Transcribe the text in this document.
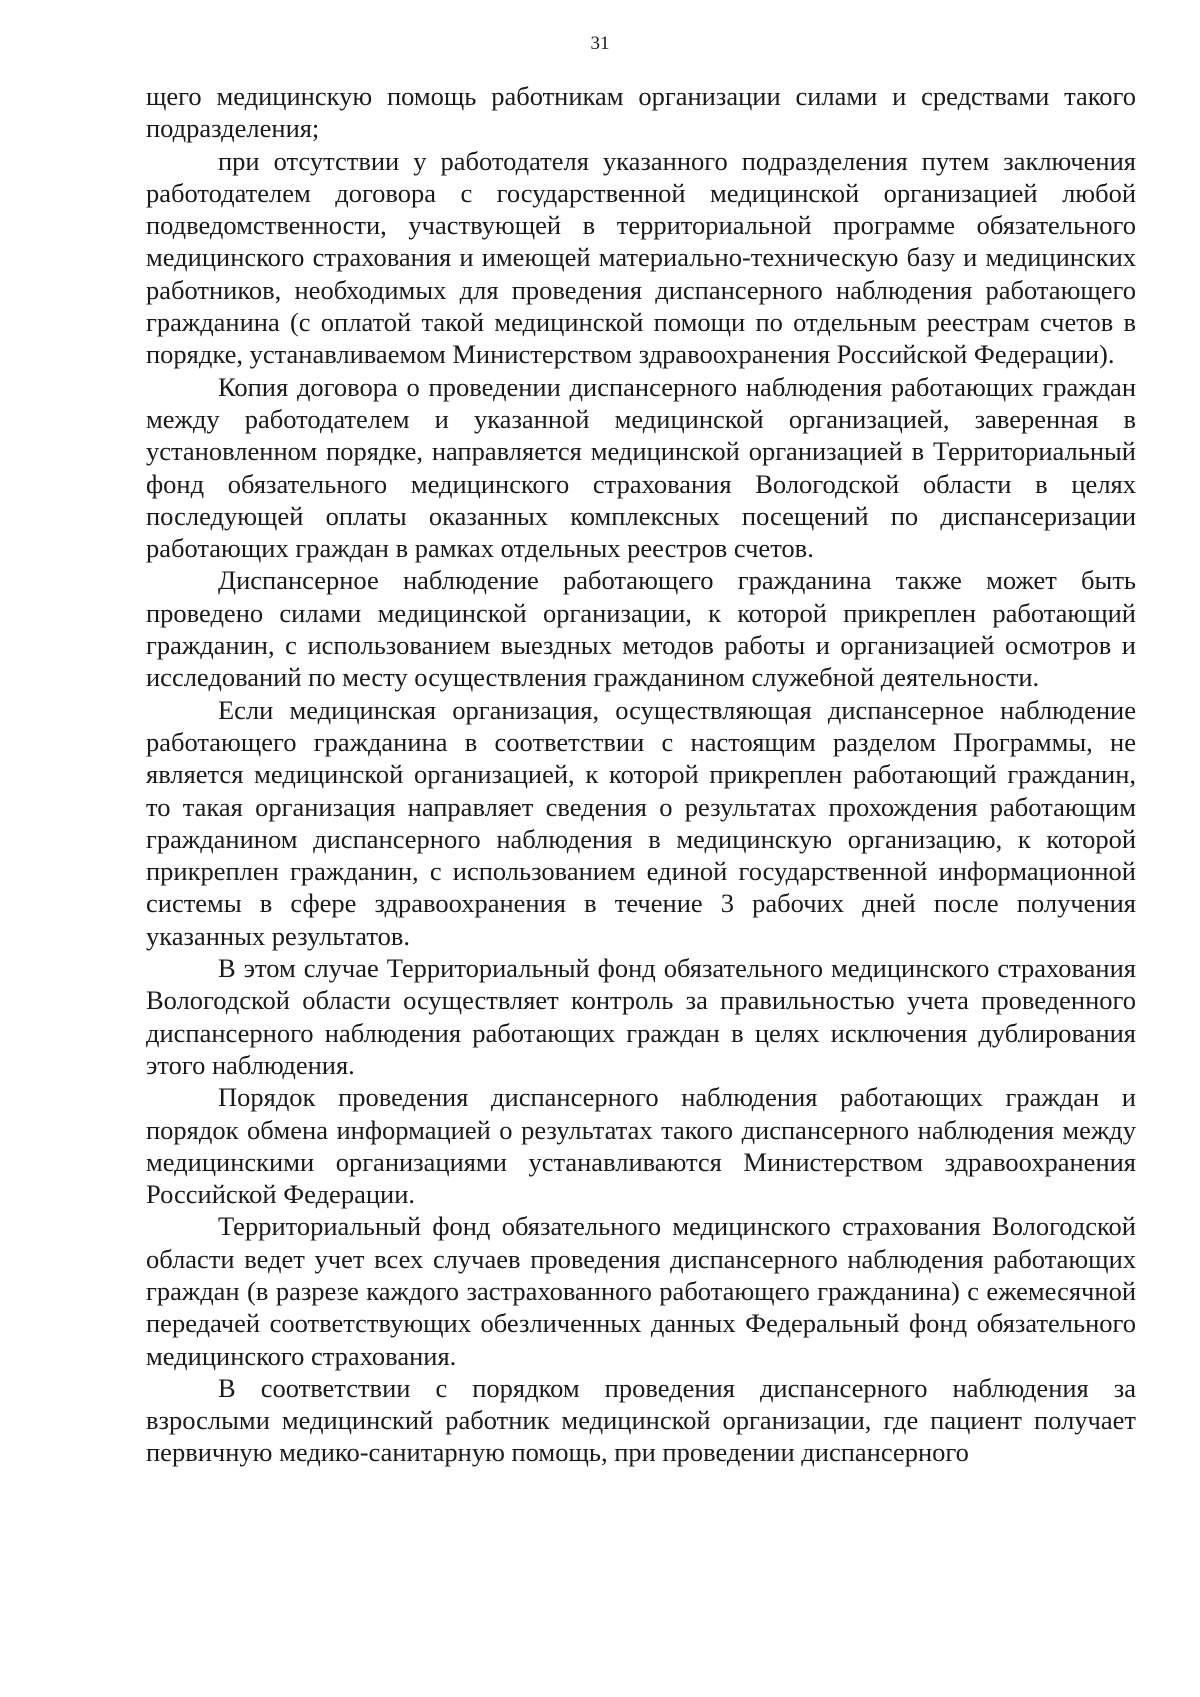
31

щего медицинскую помощь работникам организации силами и средствами такого подразделения;

при отсутствии у работодателя указанного подразделения путем заключения работодателем договора с государственной медицинской организацией любой подведомственности, участвующей в территориальной программе обязательного медицинского страхования и имеющей материально-техническую базу и медицинских работников, необходимых для проведения диспансерного наблюдения работающего гражданина (с оплатой такой медицинской помощи по отдельным реестрам счетов в порядке, устанавливаемом Министерством здравоохранения Российской Федерации).

Копия договора о проведении диспансерного наблюдения работающих граждан между работодателем и указанной медицинской организацией, заверенная в установленном порядке, направляется медицинской организацией в Территориальный фонд обязательного медицинского страхования Вологодской области в целях последующей оплаты оказанных комплексных посещений по диспансеризации работающих граждан в рамках отдельных реестров счетов.

Диспансерное наблюдение работающего гражданина также может быть проведено силами медицинской организации, к которой прикреплен работающий гражданин, с использованием выездных методов работы и организацией осмотров и исследований по месту осуществления гражданином служебной деятельности.

Если медицинская организация, осуществляющая диспансерное наблюдение работающего гражданина в соответствии с настоящим разделом Программы, не является медицинской организацией, к которой прикреплен работающий гражданин, то такая организация направляет сведения о результатах прохождения работающим гражданином диспансерного наблюдения в медицинскую организацию, к которой прикреплен гражданин, с использованием единой государственной информационной системы в сфере здравоохранения в течение 3 рабочих дней после получения указанных результатов.

В этом случае Территориальный фонд обязательного медицинского страхования Вологодской области осуществляет контроль за правильностью учета проведенного диспансерного наблюдения работающих граждан в целях исключения дублирования этого наблюдения.

Порядок проведения диспансерного наблюдения работающих граждан и порядок обмена информацией о результатах такого диспансерного наблюдения между медицинскими организациями устанавливаются Министерством здравоохранения Российской Федерации.

Территориальный фонд обязательного медицинского страхования Вологодской области ведет учет всех случаев проведения диспансерного наблюдения работающих граждан (в разрезе каждого застрахованного работающего гражданина) с ежемесячной передачей соответствующих обезличенных данных Федеральный фонд обязательного медицинского страхования.

В соответствии с порядком проведения диспансерного наблюдения за взрослыми медицинский работник медицинской организации, где пациент получает первичную медико-санитарную помощь, при проведении диспансерного
